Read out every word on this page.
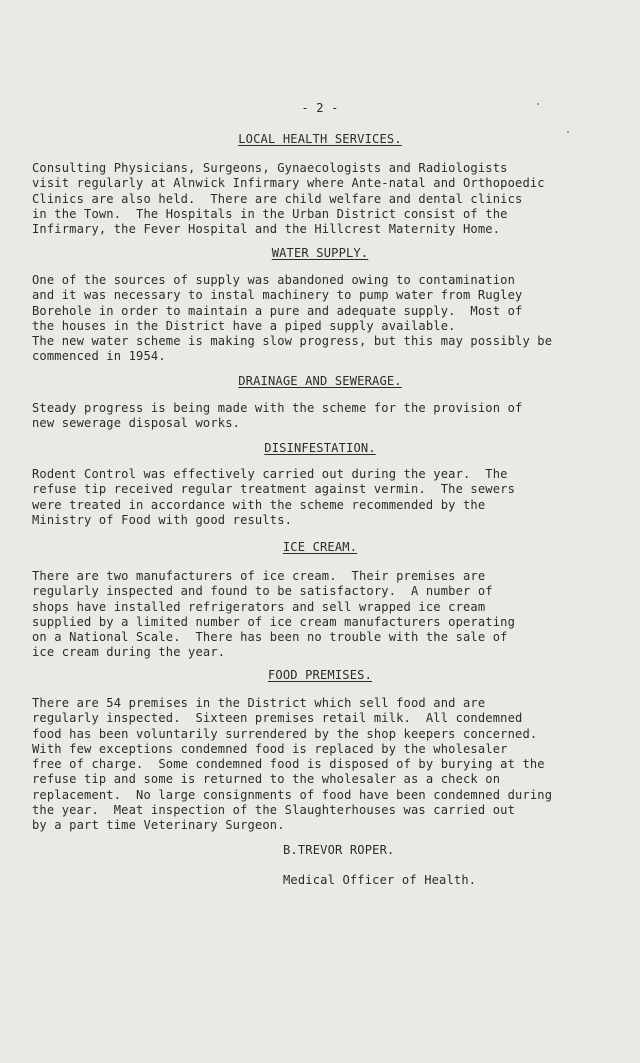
- 2 -
LOCAL HEALTH SERVICES.

Consulting Physicians, Surgeons, Gynaecologists and Radiologists
visit regularly at Alnwick Infirmary where Ante-natal and Orthopoedic
Clinics are also held.  There are child welfare and dental clinics
in the Town.  The Hospitals in the Urban District consist of the
Infirmary, the Fever Hospital and the Hillcrest Maternity Home.

WATER SUPPLY.

One of the sources of supply was abandoned owing to contamination
and it was necessary to instal machinery to pump water from Rugley
Borehole in order to maintain a pure and adequate supply.  Most of
the houses in the District have a piped supply available.
The new water scheme is making slow progress, but this may possibly be
commenced in 1954.

DRAINAGE AND SEWERAGE.

Steady progress is being made with the scheme for the provision of
new sewerage disposal works.

DISINFESTATION.

Rodent Control was effectively carried out during the year.  The
refuse tip received regular treatment against vermin.  The sewers
were treated in accordance with the scheme recommended by the
Ministry of Food with good results.

ICE CREAM.

There are two manufacturers of ice cream.  Their premises are
regularly inspected and found to be satisfactory.  A number of
shops have installed refrigerators and sell wrapped ice cream
supplied by a limited number of ice cream manufacturers operating
on a National Scale.  There has been no trouble with the sale of
ice cream during the year.

FOOD PREMISES.

There are 54 premises in the District which sell food and are
regularly inspected.  Sixteen premises retail milk.  All condemned
food has been voluntarily surrendered by the shop keepers concerned.
With few exceptions condemned food is replaced by the wholesaler
free of charge.  Some condemned food is disposed of by burying at the
refuse tip and some is returned to the wholesaler as a check on
replacement.  No large consignments of food have been condemned during
the year.  Meat inspection of the Slaughterhouses was carried out
by a part time Veterinary Surgeon.

B.TREVOR ROPER.
Medical Officer of Health.
